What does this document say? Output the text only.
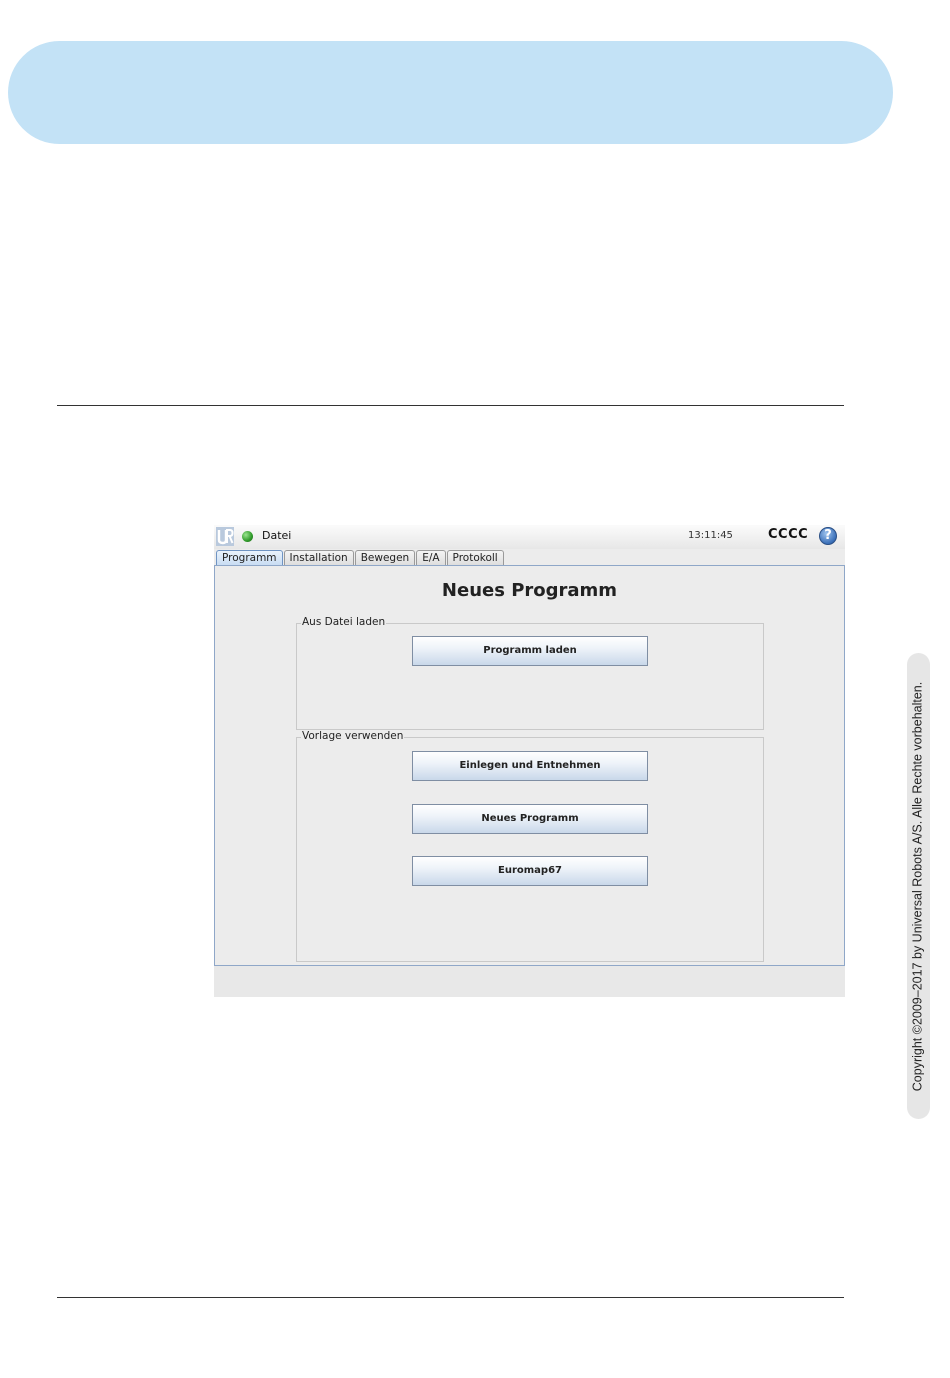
Datei	13:11:45	CCCC	?
Programm	Installation	Bewegen	E/A	Protokoll
Neues Programm
Aus Datei laden
Programm laden
Vorlage verwenden
Einlegen und Entnehmen
Neues Programm
Euromap67	Copyright ©2009–2017 by Universal Robots A/S. Alle Rechte vorbehalten.
